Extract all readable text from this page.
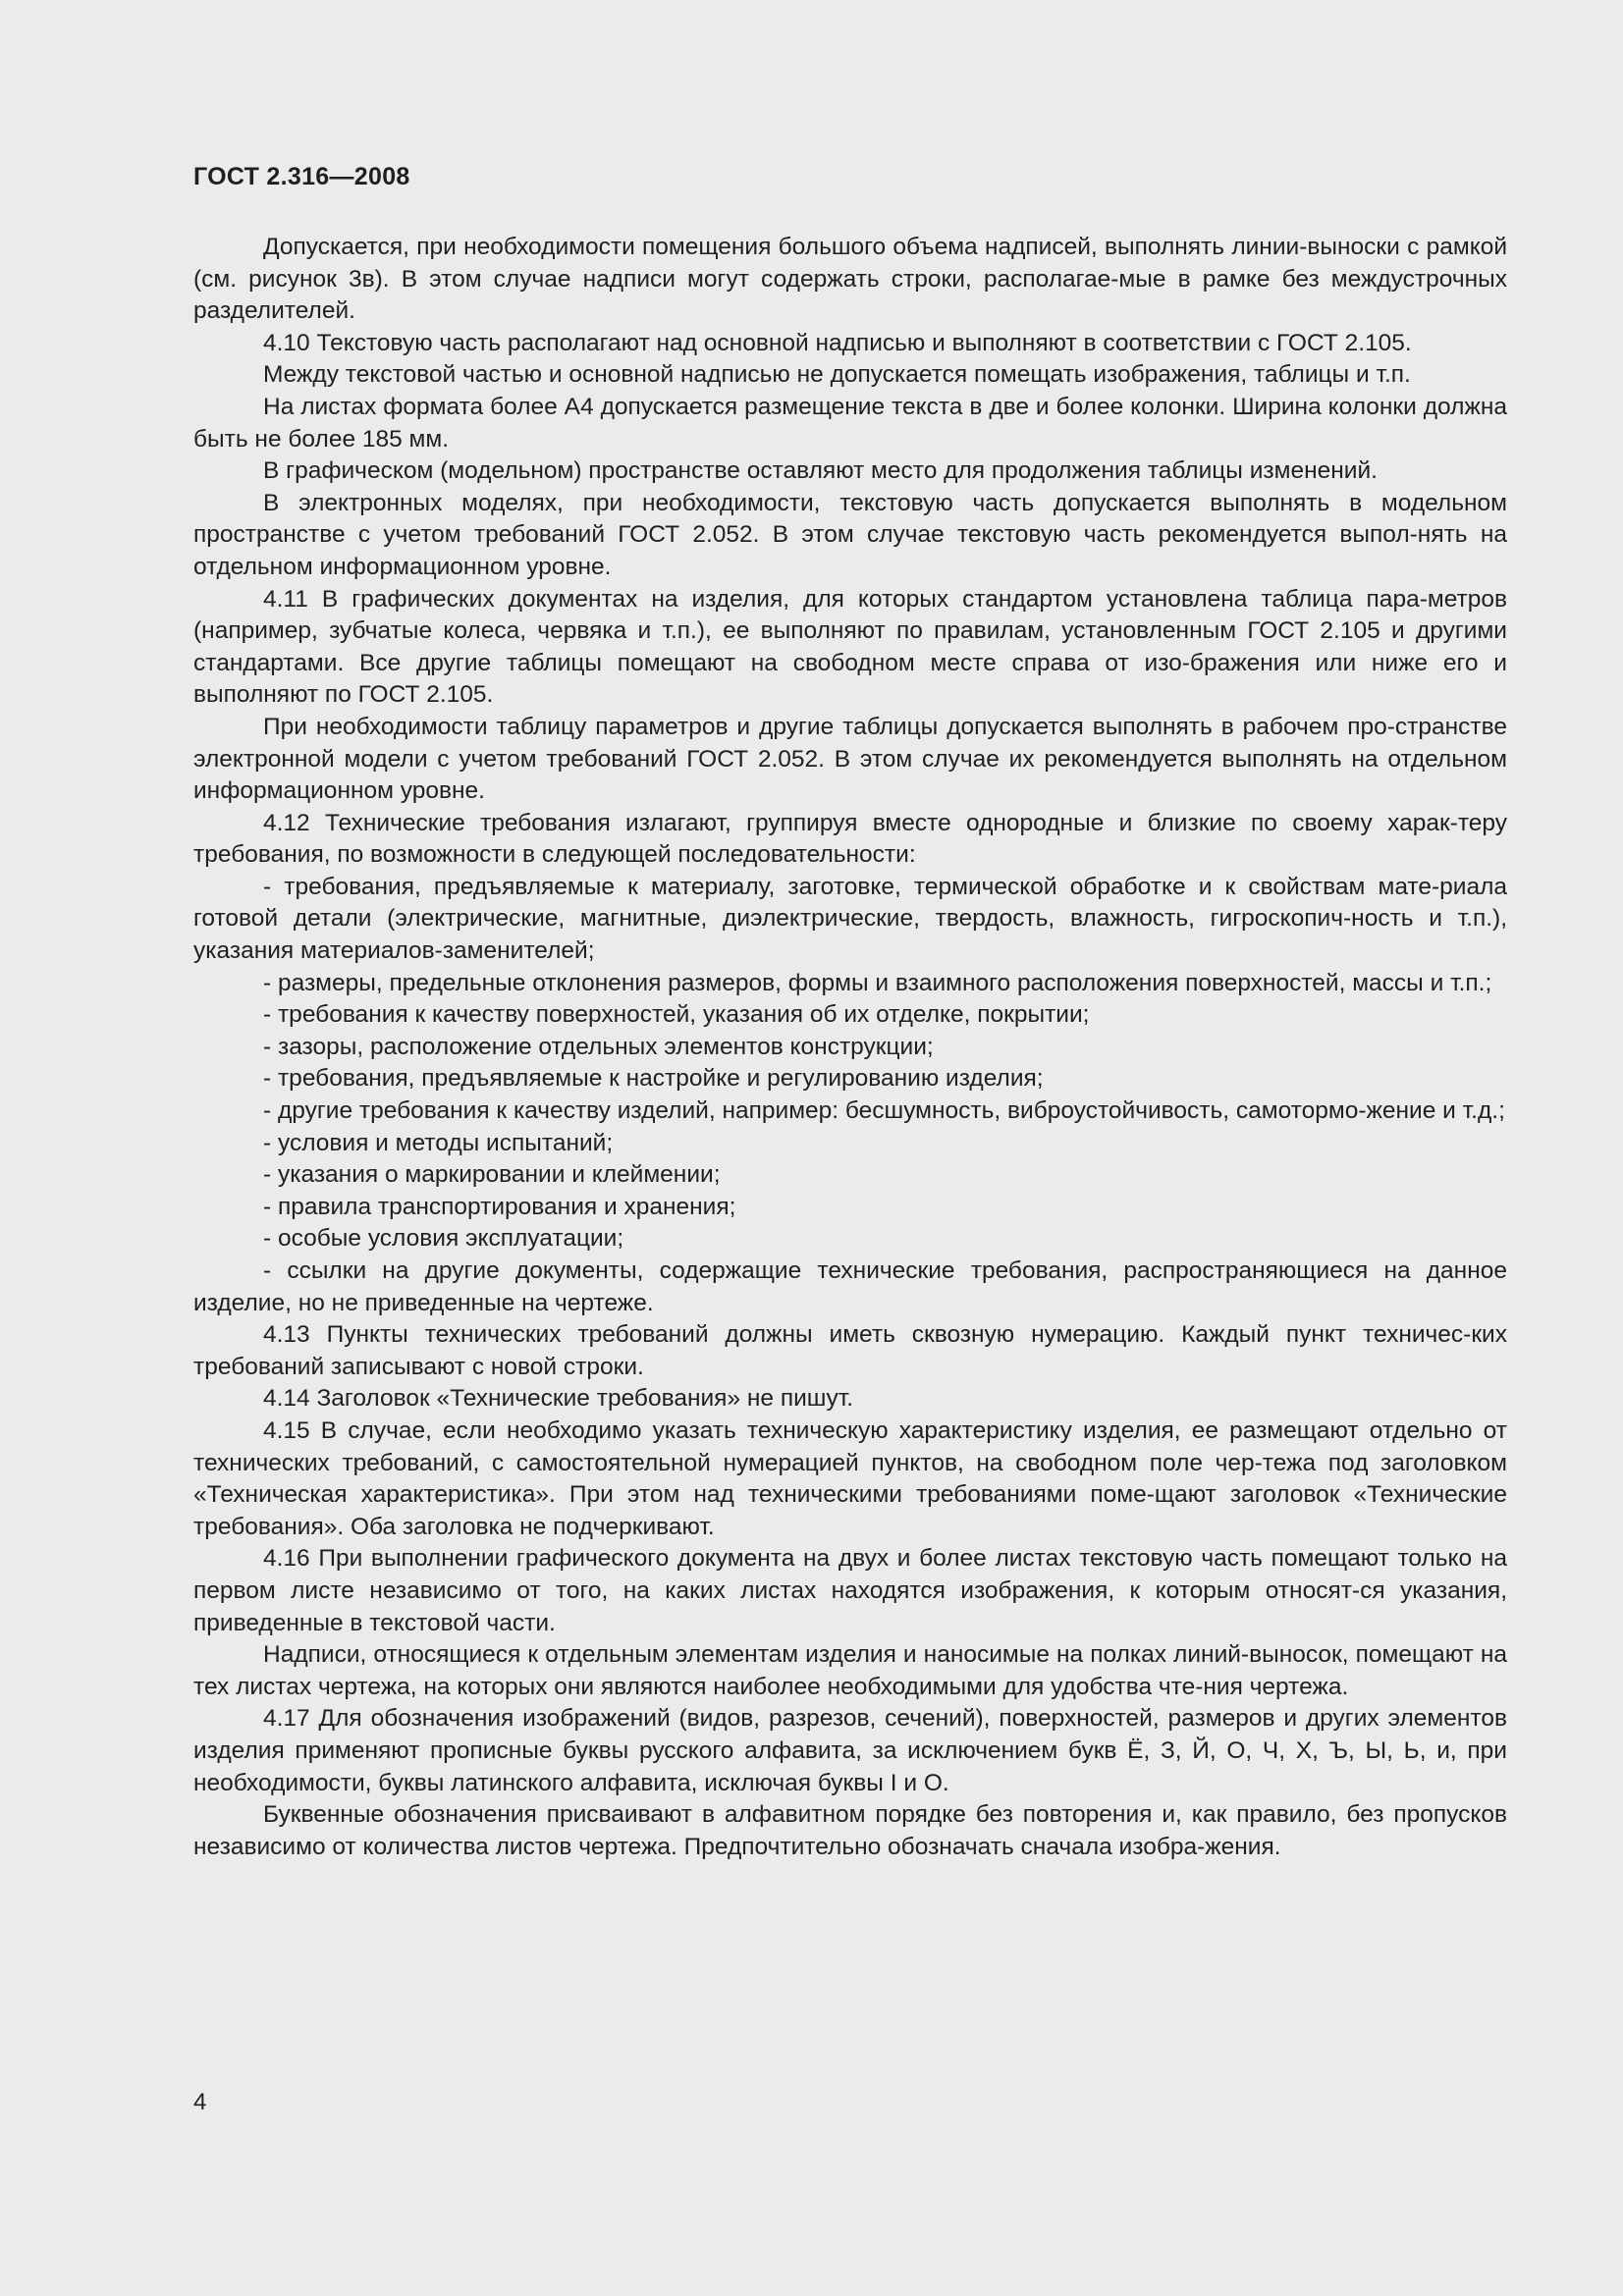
ГОСТ 2.316—2008

Допускается, при необходимости помещения большого объема надписей, выполнять линии-выноски с рамкой (см. рисунок 3в). В этом случае надписи могут содержать строки, располагае-мые в рамке без междустрочных разделителей.

4.10 Текстовую часть располагают над основной надписью и выполняют в соответствии с ГОСТ 2.105.

Между текстовой частью и основной надписью не допускается помещать изображения, таблицы и т.п.

На листах формата более А4 допускается размещение текста в две и более колонки. Ширина колонки должна быть не более 185 мм.

В графическом (модельном) пространстве оставляют место для продолжения таблицы изменений.

В электронных моделях, при необходимости, текстовую часть допускается выполнять в модельном пространстве с учетом требований ГОСТ 2.052. В этом случае текстовую часть рекомендуется выпол-нять на отдельном информационном уровне.

4.11 В графических документах на изделия, для которых стандартом установлена таблица пара-метров (например, зубчатые колеса, червяка и т.п.), ее выполняют по правилам, установленным ГОСТ 2.105 и другими стандартами. Все другие таблицы помещают на свободном месте справа от изо-бражения или ниже его и выполняют по ГОСТ 2.105.

При необходимости таблицу параметров и другие таблицы допускается выполнять в рабочем про-странстве электронной модели с учетом требований ГОСТ 2.052. В этом случае их рекомендуется выполнять на отдельном информационном уровне.

4.12 Технические требования излагают, группируя вместе однородные и близкие по своему харак-теру требования, по возможности в следующей последовательности:

- требования, предъявляемые к материалу, заготовке, термической обработке и к свойствам мате-риала готовой детали (электрические, магнитные, диэлектрические, твердость, влажность, гигроскопич-ность и т.п.), указания материалов-заменителей;

- размеры, предельные отклонения размеров, формы и взаимного расположения поверхностей, массы и т.п.;

- требования к качеству поверхностей, указания об их отделке, покрытии;

- зазоры, расположение отдельных элементов конструкции;

- требования, предъявляемые к настройке и регулированию изделия;

- другие требования к качеству изделий, например: бесшумность, виброустойчивость, самотормо-жение и т.д.;

- условия и методы испытаний;

- указания о маркировании и клеймении;

- правила транспортирования и хранения;

- особые условия эксплуатации;

- ссылки на другие документы, содержащие технические требования, распространяющиеся на данное изделие, но не приведенные на чертеже.

4.13 Пункты технических требований должны иметь сквозную нумерацию. Каждый пункт техничес-ких требований записывают с новой строки.

4.14 Заголовок «Технические требования» не пишут.

4.15 В случае, если необходимо указать техническую характеристику изделия, ее размещают отдельно от технических требований, с самостоятельной нумерацией пунктов, на свободном поле чер-тежа под заголовком «Техническая характеристика». При этом над техническими требованиями поме-щают заголовок «Технические требования». Оба заголовка не подчеркивают.

4.16 При выполнении графического документа на двух и более листах текстовую часть помещают только на первом листе независимо от того, на каких листах находятся изображения, к которым относят-ся указания, приведенные в текстовой части.

Надписи, относящиеся к отдельным элементам изделия и наносимые на полках линий-выносок, помещают на тех листах чертежа, на которых они являются наиболее необходимыми для удобства чте-ния чертежа.

4.17 Для обозначения изображений (видов, разрезов, сечений), поверхностей, размеров и других элементов изделия применяют прописные буквы русского алфавита, за исключением букв Ё, З, Й, О, Ч, Х, Ъ, Ы, Ь, и, при необходимости, буквы латинского алфавита, исключая буквы I и O.

Буквенные обозначения присваивают в алфавитном порядке без повторения и, как правило, без пропусков независимо от количества листов чертежа. Предпочтительно обозначать сначала изобра-жения.

4
